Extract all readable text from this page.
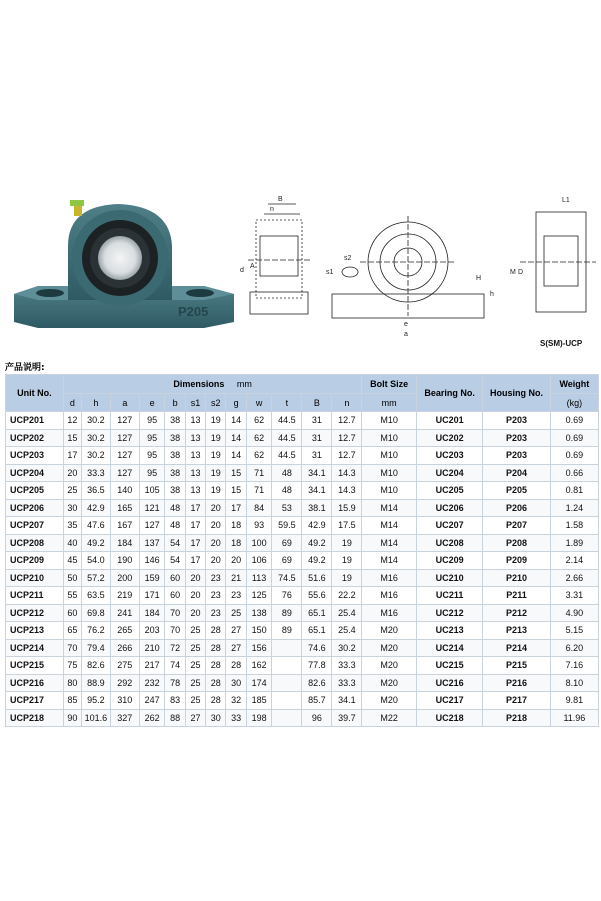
P205
B
n
d
A
s2
s1
h
H
e
a
L1
M D
S(SM)-UCP
产品说明:
Unit No.	Dimensions mm												Bolt Size	Bearing No.	Housing No.	Weight
	d	h	a	e	b	s1	s2	g	w	t	B	n	mm			(kg)
UCP201	12	30.2	127	95	38	13	19	14	62	44.5	31	12.7	M10	UC201	P203	0.69
UCP202	15	30.2	127	95	38	13	19	14	62	44.5	31	12.7	M10	UC202	P203	0.69
UCP203	17	30.2	127	95	38	13	19	14	62	44.5	31	12.7	M10	UC203	P203	0.69
UCP204	20	33.3	127	95	38	13	19	15	71	48	34.1	14.3	M10	UC204	P204	0.66
UCP205	25	36.5	140	105	38	13	19	15	71	48	34.1	14.3	M10	UC205	P205	0.81
UCP206	30	42.9	165	121	48	17	20	17	84	53	38.1	15.9	M14	UC206	P206	1.24
UCP207	35	47.6	167	127	48	17	20	18	93	59.5	42.9	17.5	M14	UC207	P207	1.58
UCP208	40	49.2	184	137	54	17	20	18	100	69	49.2	19	M14	UC208	P208	1.89
UCP209	45	54.0	190	146	54	17	20	20	106	69	49.2	19	M14	UC209	P209	2.14
UCP210	50	57.2	200	159	60	20	23	21	113	74.5	51.6	19	M16	UC210	P210	2.66
UCP211	55	63.5	219	171	60	20	23	23	125	76	55.6	22.2	M16	UC211	P211	3.31
UCP212	60	69.8	241	184	70	20	23	25	138	89	65.1	25.4	M16	UC212	P212	4.90
UCP213	65	76.2	265	203	70	25	28	27	150	89	65.1	25.4	M20	UC213	P213	5.15
UCP214	70	79.4	266	210	72	25	28	27	156		74.6	30.2	M20	UC214	P214	6.20
UCP215	75	82.6	275	217	74	25	28	28	162		77.8	33.3	M20	UC215	P215	7.16
UCP216	80	88.9	292	232	78	25	28	30	174		82.6	33.3	M20	UC216	P216	8.10
UCP217	85	95.2	310	247	83	25	28	32	185		85.7	34.1	M20	UC217	P217	9.81
UCP218	90	101.6	327	262	88	27	30	33	198		96	39.7	M22	UC218	P218	11.96
